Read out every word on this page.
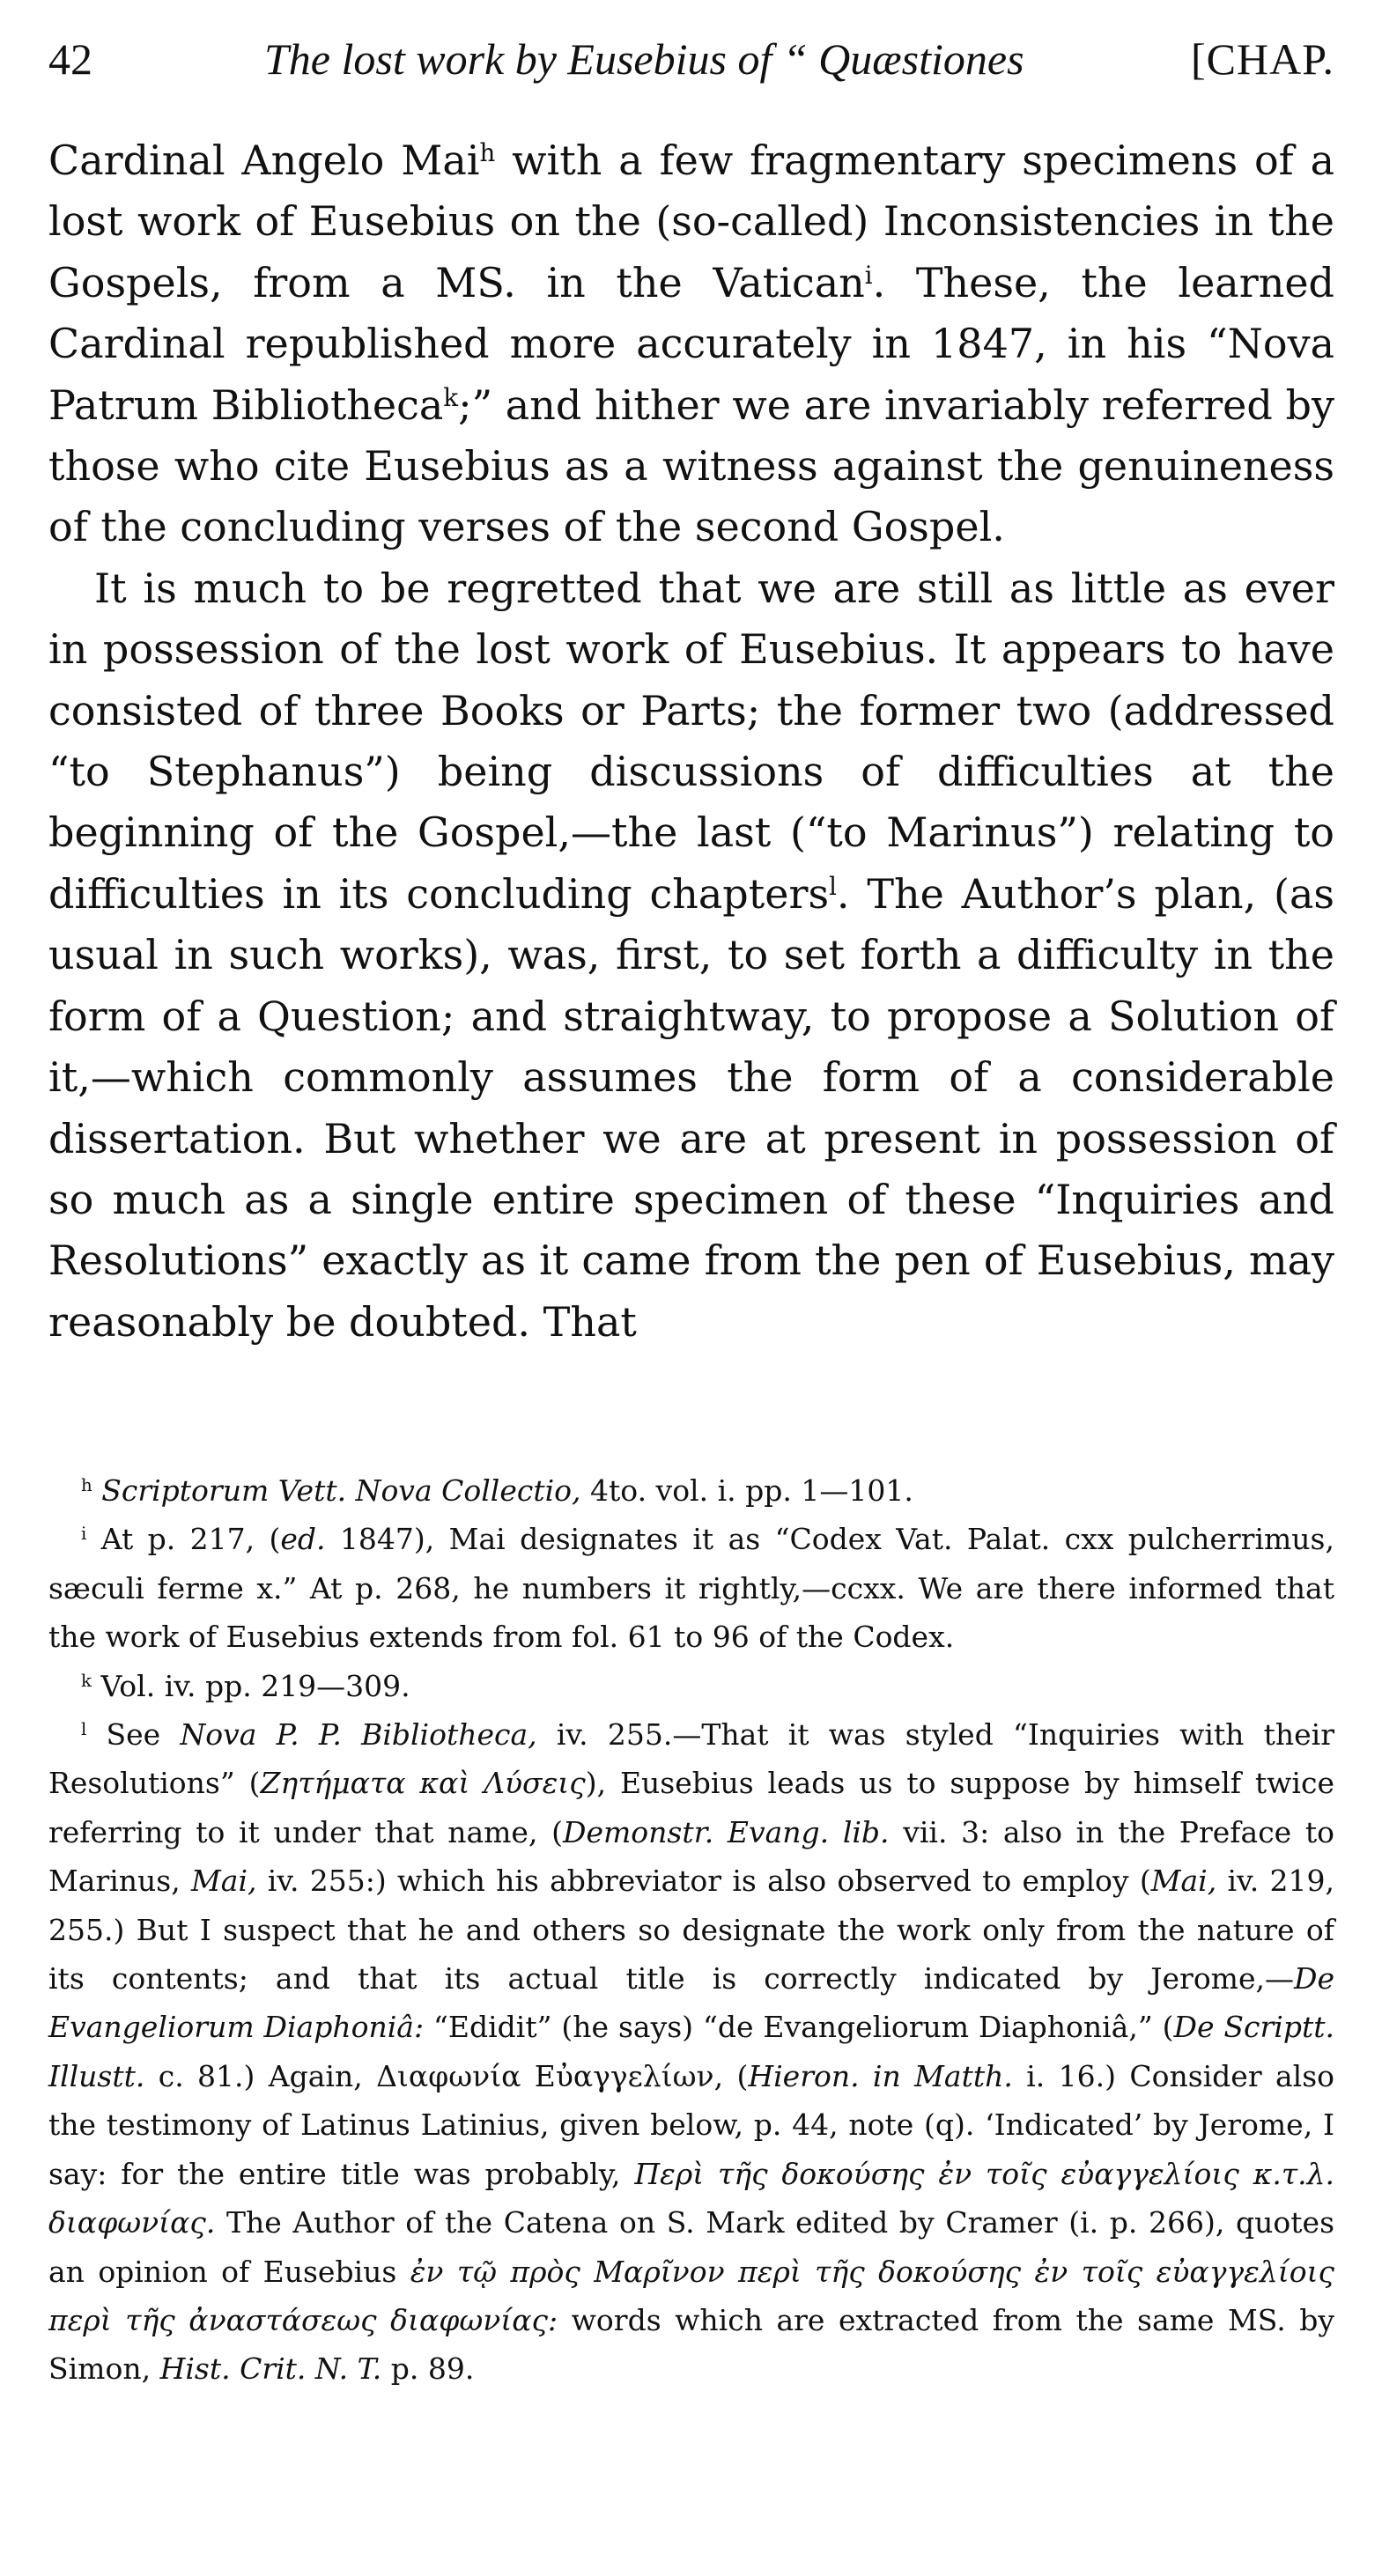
42	The lost work by Eusebius of “ Quæstiones	[CHAP.

Cardinal Angelo Mai$^h$ with a few fragmentary specimens of a lost work of Eusebius on the (so-called) Inconsistencies in the Gospels, from a MS. in the Vatican$^i$. These, the learned Cardinal republished more accurately in 1847, in his “Nova Patrum Bibliotheca$^k$;” and hither we are invariably referred by those who cite Eusebius as a witness against the genuineness of the concluding verses of the second Gospel.

It is much to be regretted that we are still as little as ever in possession of the lost work of Eusebius. It appears to have consisted of three Books or Parts; the former two (addressed “to Stephanus”) being discussions of difficulties at the beginning of the Gospel,—the last (“to Marinus”) relating to difficulties in its concluding chapters$^l$. The Author’s plan, (as usual in such works), was, first, to set forth a difficulty in the form of a Question; and straightway, to propose a Solution of it,—which commonly assumes the form of a considerable dissertation. But whether we are at present in possession of so much as a single entire specimen of these “Inquiries and Resolutions” exactly as it came from the pen of Eusebius, may reasonably be doubted. That

$^h$ Scriptorum Vett. Nova Collectio, 4to. vol. i. pp. 1—101.

$^i$ At p. 217, (ed. 1847), Mai designates it as “Codex Vat. Palat. cxx pulcherrimus, sæculi ferme x.” At p. 268, he numbers it rightly,—ccxx. We are there informed that the work of Eusebius extends from fol. 61 to 96 of the Codex.

$^k$ Vol. iv. pp. 219—309.

$^l$ See Nova P. P. Bibliotheca, iv. 255.—That it was styled “Inquiries with their Resolutions” (Ζητήματα καὶ Λύσεις), Eusebius leads us to suppose by himself twice referring to it under that name, (Demonstr. Evang. lib. vii. 3: also in the Preface to Marinus, Mai, iv. 255:) which his abbreviator is also observed to employ (Mai, iv. 219, 255.) But I suspect that he and others so designate the work only from the nature of its contents; and that its actual title is correctly indicated by Jerome,—De Evangeliorum Diaphoniâ: “Edidit” (he says) “de Evangeliorum Diaphoniâ,” (De Scriptt. Illustt. c. 81.) Again, Διαφωνία Εὐαγγελίων, (Hieron. in Matth. i. 16.) Consider also the testimony of Latinus Latinius, given below, p. 44, note (q). ‘Indicated’ by Jerome, I say: for the entire title was probably, Περὶ τῆς δοκούσης ἐν τοῖς εὐαγγελίοις κ.τ.λ. διαφωνίας. The Author of the Catena on S. Mark edited by Cramer (i. p. 266), quotes an opinion of Eusebius ἐν τῷ πρὸς Μαρῖνον περὶ τῆς δοκούσης ἐν τοῖς εὐαγγελίοις περὶ τῆς ἀναστάσεως διαφωνίας: words which are extracted from the same MS. by Simon, Hist. Crit. N. T. p. 89.
